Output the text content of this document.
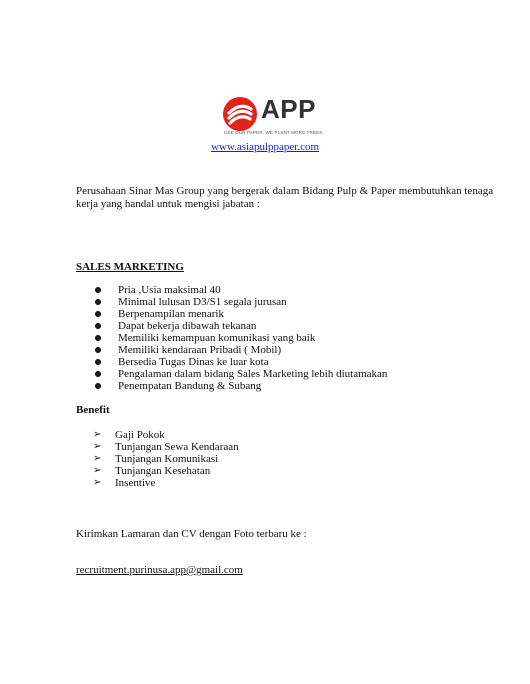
APP
USE OUR PAPER. WE PLANT MORE TREES.
www.asiapulppaper.com
Perusahaan Sinar Mas Group yang bergerak dalam Bidang Pulp & Paper membutuhkan tenaga kerja yang handal untuk mengisi jabatan :
SALES MARKETING
Pria ,Usia maksimal 40
Minimal lulusan D3/S1 segala jurusan
Berpenampilan menarik
Dapat bekerja dibawah tekanan
Memiliki kemampuan komunikasi yang baik
Memiliki kendaraan Pribadi ( Mobil)
Bersedia Tugas Dinas ke luar kota
Pengalaman dalam bidang Sales Marketing lebih diutamakan
Penempatan Bandung & Subang
Benefit
➢ Gaji Pokok
➢ Tunjangan Sewa Kendaraan
➢ Tunjangan Komunikasi
➢ Tunjangan Kesehatan
➢ Insentive
Kirimkan Lamaran dan CV dengan Foto terbaru ke :
recruitment.purinusa.app@gmail.com
